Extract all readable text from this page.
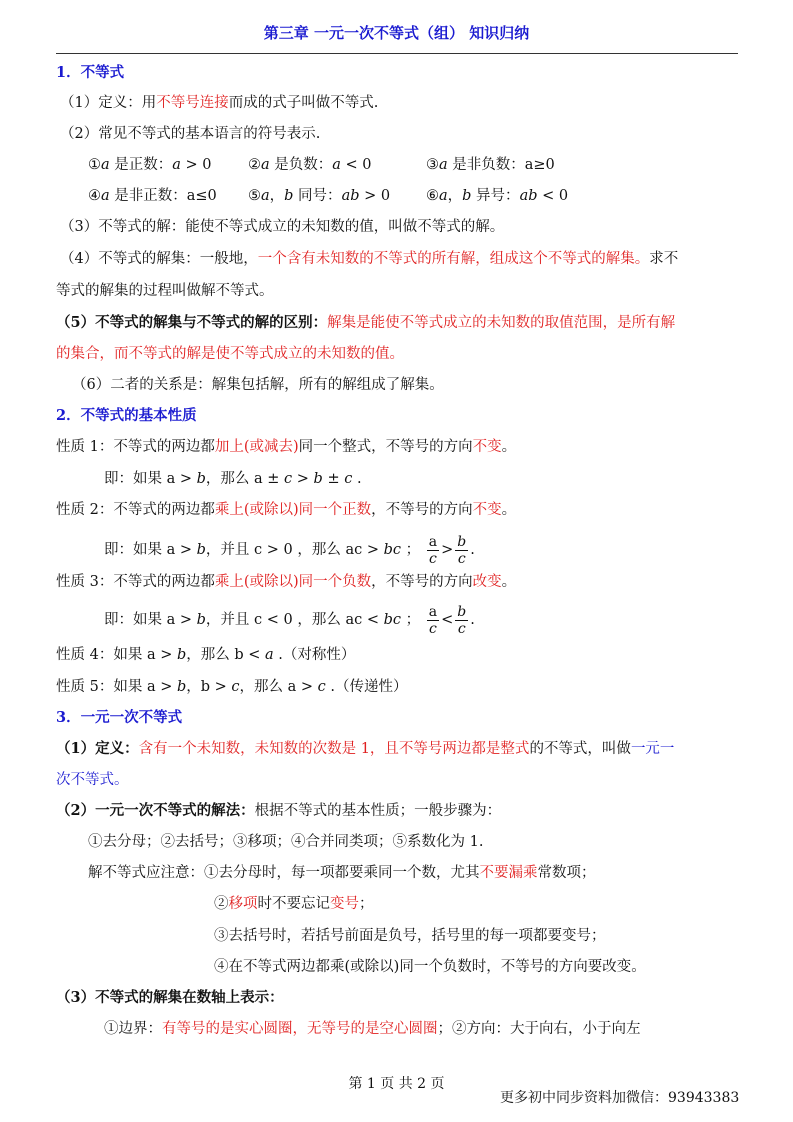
第三章 一元一次不等式（组） 知识归纳
1．不等式
（1）定义：用不等号连接而成的式子叫做不等式.
（2）常见不等式的基本语言的符号表示.
①a 是正数：a > 0	②a 是负数：a < 0	③a 是非负数：a≥0
④a 是非正数：a≤0 ⑤a，b 同号：ab > 0 ⑥a，b 异号：ab < 0
（3）不等式的解：能使不等式成立的未知数的值，叫做不等式的解。
（4）不等式的解集：一般地，一个含有未知数的不等式的所有解，组成这个不等式的解集。求不
等式的解集的过程叫做解不等式。
（5）不等式的解集与不等式的解的区别：解集是能使不等式成立的未知数的取值范围，是所有解
的集合，而不等式的解是使不等式成立的未知数的值。
（6）二者的关系是：解集包括解，所有的解组成了解集。
2．不等式的基本性质
性质 1：不等式的两边都加上(或减去)同一个整式，不等号的方向不变。
即：如果 a > b，那么 a ± c > b ± c .
性质 2：不等式的两边都乘上(或除以)同一个正数，不等号的方向不变。
即：如果 a > b，并且 c > 0 ，那么 ac > bc ； $\frac{a}{c} > \frac{b}{c}$ .
性质 3：不等式的两边都乘上(或除以)同一个负数，不等号的方向改变。
即：如果 a > b，并且 c < 0 ，那么 ac < bc ； $\frac{a}{c} < \frac{b}{c}$ .
性质 4：如果 a > b，那么 b < a .（对称性）
性质 5：如果 a > b，b > c，那么 a > c .（传递性）
3．一元一次不等式
（1）定义：含有一个未知数，未知数的次数是 1，且不等号两边都是整式的不等式，叫做一元一
次不等式。
（2）一元一次不等式的解法：根据不等式的基本性质；一般步骤为：
①去分母；②去括号；③移项；④合并同类项；⑤系数化为 1.
解不等式应注意：①去分母时，每一项都要乘同一个数，尤其不要漏乘常数项；
②移项时不要忘记变号；
③去括号时，若括号前面是负号，括号里的每一项都要变号；
④在不等式两边都乘(或除以)同一个负数时，不等号的方向要改变。
（3）不等式的解集在数轴上表示：
①边界：有等号的是实心圆圈，无等号的是空心圆圈；②方向：大于向右，小于向左
第 1 页 共 2 页
更多初中同步资料加微信：93943383
